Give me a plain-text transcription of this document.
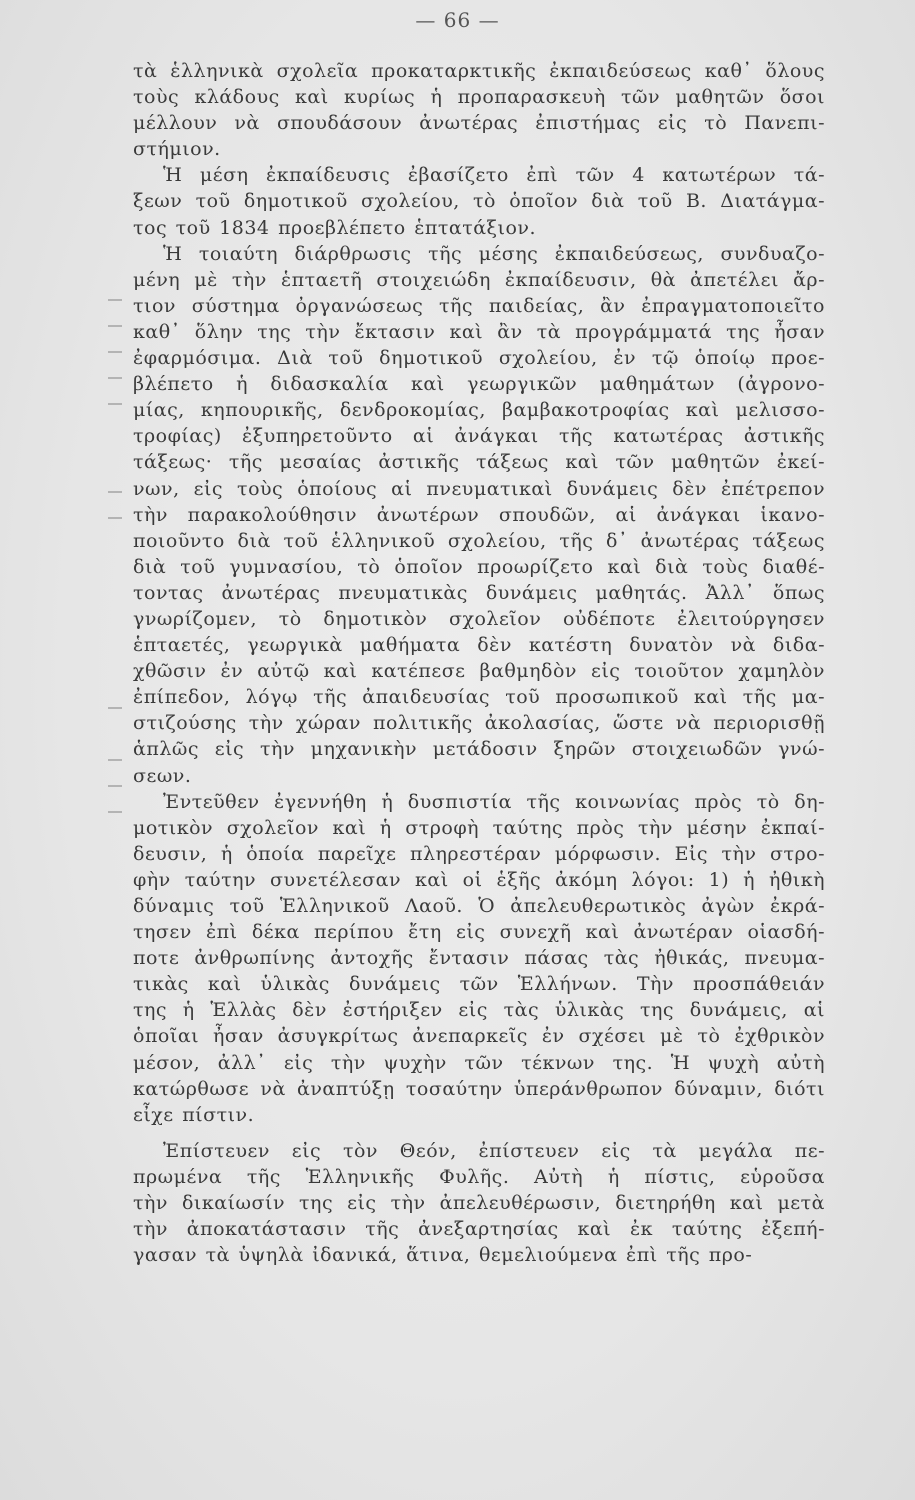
— 66 —
τὰ ἑλληνικὰ σχολεῖα προκαταρκτικῆς ἐκπαιδεύσεως καθ᾽ ὅλους
τοὺς κλάδους καὶ κυρίως ἡ προπαρασκευὴ τῶν μαθητῶν ὅσοι
μέλλουν νὰ σπουδάσουν ἀνωτέρας ἐπιστήμας εἰς τὸ Πανεπι-
στήμιον.
Ἡ μέση ἐκπαίδευσις ἐβασίζετο ἐπὶ τῶν 4 κατωτέρων τά-
ξεων τοῦ δημοτικοῦ σχολείου, τὸ ὁποῖον διὰ τοῦ Β. Διατάγμα-
τος τοῦ 1834 προεβλέπετο ἑπτατάξιον.
Ἡ τοιαύτη διάρθρωσις τῆς μέσης ἐκπαιδεύσεως, συνδυαζο-
μένη μὲ τὴν ἑπταετῆ στοιχειώδη ἐκπαίδευσιν, θὰ ἀπετέλει ἄρ-
τιον σύστημα ὀργανώσεως τῆς παιδείας, ἂν ἐπραγματοποιεῖτο
καθ᾽ ὅλην της τὴν ἔκτασιν καὶ ἂν τὰ προγράμματά της ἦσαν
ἐφαρμόσιμα. Διὰ τοῦ δημοτικοῦ σχολείου, ἐν τῷ ὁποίῳ προε-
βλέπετο ἡ διδασκαλία καὶ γεωργικῶν μαθημάτων (ἀγρονο-
μίας, κηπουρικῆς, δενδροκομίας, βαμβακοτροφίας καὶ μελισσο-
τροφίας) ἐξυπηρετοῦντο αἱ ἀνάγκαι τῆς κατωτέρας ἀστικῆς
τάξεως· τῆς μεσαίας ἀστικῆς τάξεως καὶ τῶν μαθητῶν ἐκεί-
νων, εἰς τοὺς ὁποίους αἱ πνευματικαὶ δυνάμεις δὲν ἐπέτρεπον
τὴν παρακολούθησιν ἀνωτέρων σπουδῶν, αἱ ἀνάγκαι ἱκανο-
ποιοῦντο διὰ τοῦ ἑλληνικοῦ σχολείου, τῆς δ᾽ ἀνωτέρας τάξεως
διὰ τοῦ γυμνασίου, τὸ ὁποῖον προωρίζετο καὶ διὰ τοὺς διαθέ-
τοντας ἀνωτέρας πνευματικὰς δυνάμεις μαθητάς. Ἀλλ᾽ ὅπως
γνωρίζομεν, τὸ δημοτικὸν σχολεῖον οὐδέποτε ἐλειτούργησεν
ἑπταετές, γεωργικὰ μαθήματα δὲν κατέστη δυνατὸν νὰ διδα-
χθῶσιν ἐν αὐτῷ καὶ κατέπεσε βαθμηδὸν εἰς τοιοῦτον χαμηλὸν
ἐπίπεδον, λόγῳ τῆς ἀπαιδευσίας τοῦ προσωπικοῦ καὶ τῆς μα-
στιζούσης τὴν χώραν πολιτικῆς ἀκολασίας, ὥστε νὰ περιορισθῇ
ἁπλῶς εἰς τὴν μηχανικὴν μετάδοσιν ξηρῶν στοιχειωδῶν γνώ-
σεων.
Ἐντεῦθεν ἐγεννήθη ἡ δυσπιστία τῆς κοινωνίας πρὸς τὸ δη-
μοτικὸν σχολεῖον καὶ ἡ στροφὴ ταύτης πρὸς τὴν μέσην ἐκπαί-
δευσιν, ἡ ὁποία παρεῖχε πληρεστέραν μόρφωσιν. Εἰς τὴν στρο-
φὴν ταύτην συνετέλεσαν καὶ οἱ ἑξῆς ἀκόμη λόγοι: 1) ἡ ἠθικὴ
δύναμις τοῦ Ἑλληνικοῦ Λαοῦ. Ὁ ἀπελευθερωτικὸς ἀγὼν ἐκρά-
τησεν ἐπὶ δέκα περίπου ἔτη εἰς συνεχῆ καὶ ἀνωτέραν οἱασδή-
ποτε ἀνθρωπίνης ἀντοχῆς ἔντασιν πάσας τὰς ἠθικάς, πνευμα-
τικὰς καὶ ὑλικὰς δυνάμεις τῶν Ἑλλήνων. Τὴν προσπάθειάν
της ἡ Ἑλλὰς δὲν ἐστήριξεν εἰς τὰς ὑλικὰς της δυνάμεις, αἱ
ὁποῖαι ἦσαν ἀσυγκρίτως ἀνεπαρκεῖς ἐν σχέσει μὲ τὸ ἐχθρικὸν
μέσον, ἀλλ᾽ εἰς τὴν ψυχὴν τῶν τέκνων της. Ἡ ψυχὴ αὐτὴ
κατώρθωσε νὰ ἀναπτύξῃ τοσαύτην ὑπεράνθρωπον δύναμιν, διότι
εἶχε πίστιν.
Ἐπίστευεν εἰς τὸν Θεόν, ἐπίστευεν εἰς τὰ μεγάλα πε-
πρωμένα τῆς Ἑλληνικῆς Φυλῆς. Αὐτὴ ἡ πίστις, εὑροῦσα
τὴν δικαίωσίν της εἰς τὴν ἀπελευθέρωσιν, διετηρήθη καὶ μετὰ
τὴν ἀποκατάστασιν τῆς ἀνεξαρτησίας καὶ ἐκ ταύτης ἐξεπή-
γασαν τὰ ὑψηλὰ ἰδανικά, ἅτινα, θεμελιούμενα ἐπὶ τῆς προ-
